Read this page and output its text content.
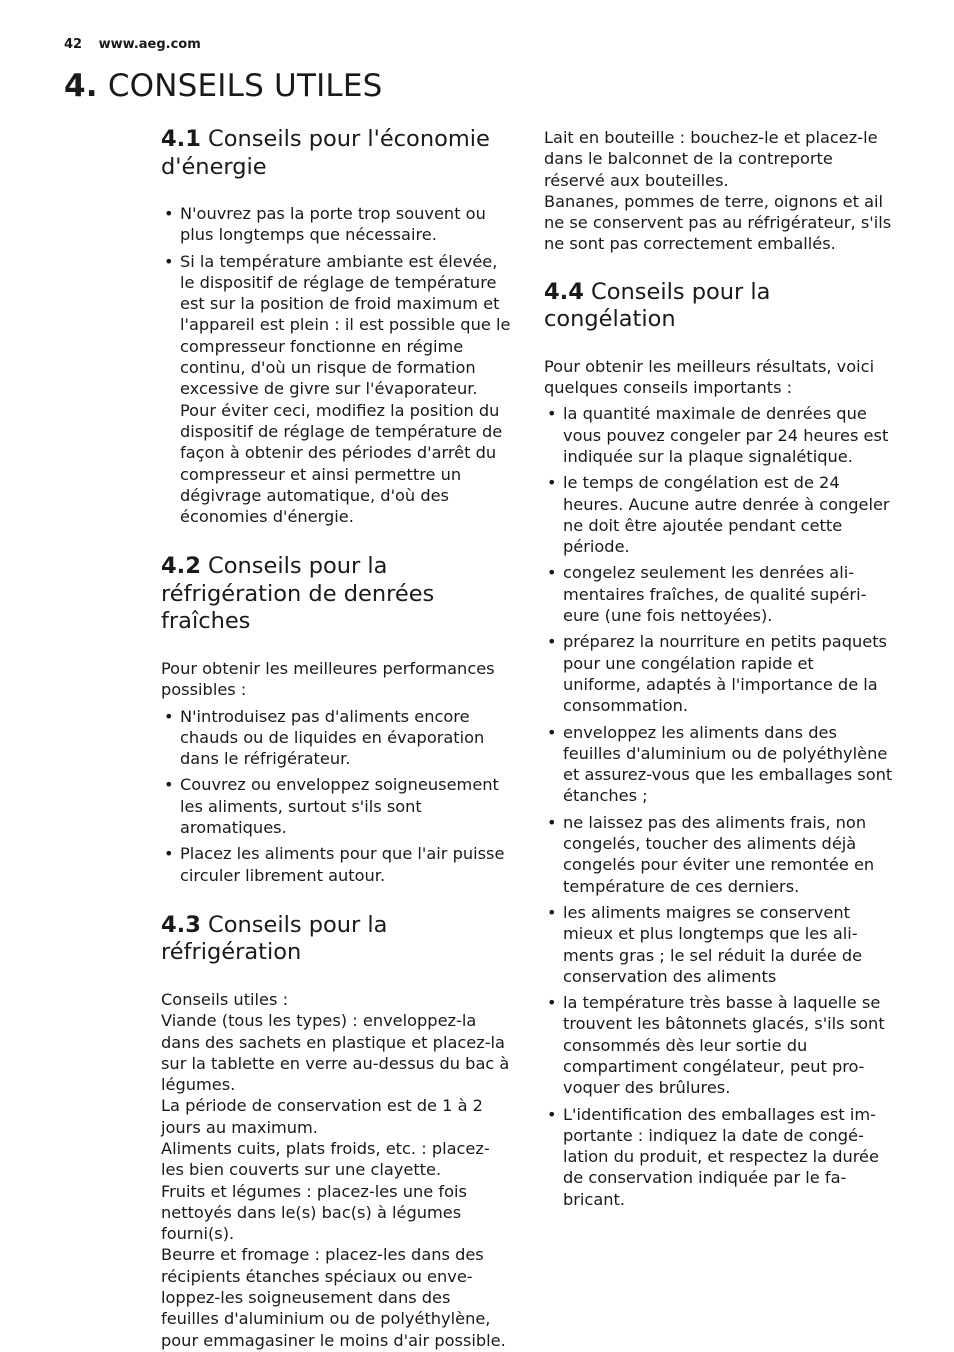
42 www.aeg.com
4. CONSEILS UTILES
4.1 Conseils pour l'économie d'énergie
• N'ouvrez pas la porte trop souvent ou plus longtemps que nécessaire.
• Si la température ambiante est élevée, le dispositif de réglage de température est sur la position de froid maximum et l'appareil est plein : il est possible que le compresseur fonctionne en régime continu, d'où un risque de formation excessive de givre sur l'évaporateur. Pour éviter ceci, modifiez la position du dispositif de réglage de température de façon à obtenir des périodes d'arrêt du compresseur et ainsi permettre un dégivrage automatique, d'où des économies d'énergie.
4.2 Conseils pour la réfrigération de denrées fraîches

Pour obtenir les meilleures performances possibles :

• N'introduisez pas d'aliments encore chauds ou de liquides en évaporation dans le réfrigérateur.
• Couvrez ou enveloppez soigneusement les aliments, surtout s'ils sont aromatiques.
• Placez les aliments pour que l'air puisse circuler librement autour.
4.3 Conseils pour la réfrigération

Conseils utiles :

Viande (tous les types) : enveloppez-la dans des sachets en plastique et placez-la sur la tablette en verre au-dessus du bac à légumes.

La période de conservation est de 1 à 2 jours au maximum.

Aliments cuits, plats froids, etc. : placez-les bien couverts sur une clayette.

Fruits et légumes : placez-les une fois nettoyés dans le(s) bac(s) à légumes fourni(s).

Beurre et fromage : placez-les dans des récipients étanches spéciaux ou enveloppez-les soigneusement dans des feuilles d'aluminium ou de polyéthylène, pour emmagasiner le moins d'air possible.

Lait en bouteille : bouchez-le et placez-le dans le balconnet de la contreporte réservé aux bouteilles.

Bananes, pommes de terre, oignons et ail ne se conservent pas au réfrigérateur, s'ils ne sont pas correctement emballés.

4.4 Conseils pour la congélation

Pour obtenir les meilleurs résultats, voici quelques conseils importants :

• la quantité maximale de denrées que vous pouvez congeler par 24 heures est indiquée sur la plaque signalétique.
• le temps de congélation est de 24 heures. Aucune autre denrée à congeler ne doit être ajoutée pendant cette période.
• congelez seulement les denrées alimentaires fraîches, de qualité supérieure (une fois nettoyées).
• préparez la nourriture en petits paquets pour une congélation rapide et uniforme, adaptés à l'importance de la consommation.
• enveloppez les aliments dans des feuilles d'aluminium ou de polyéthylène et assurez-vous que les emballages sont étanches ;
• ne laissez pas des aliments frais, non congelés, toucher des aliments déjà congelés pour éviter une remontée en température de ces derniers.
• les aliments maigres se conservent mieux et plus longtemps que les aliments gras ; le sel réduit la durée de conservation des aliments
• la température très basse à laquelle se trouvent les bâtonnets glacés, s'ils sont consommés dès leur sortie du compartiment congélateur, peut provoquer des brûlures.
• L'identification des emballages est importante : indiquez la date de congélation du produit, et respectez la durée de conservation indiquée par le fabricant.
